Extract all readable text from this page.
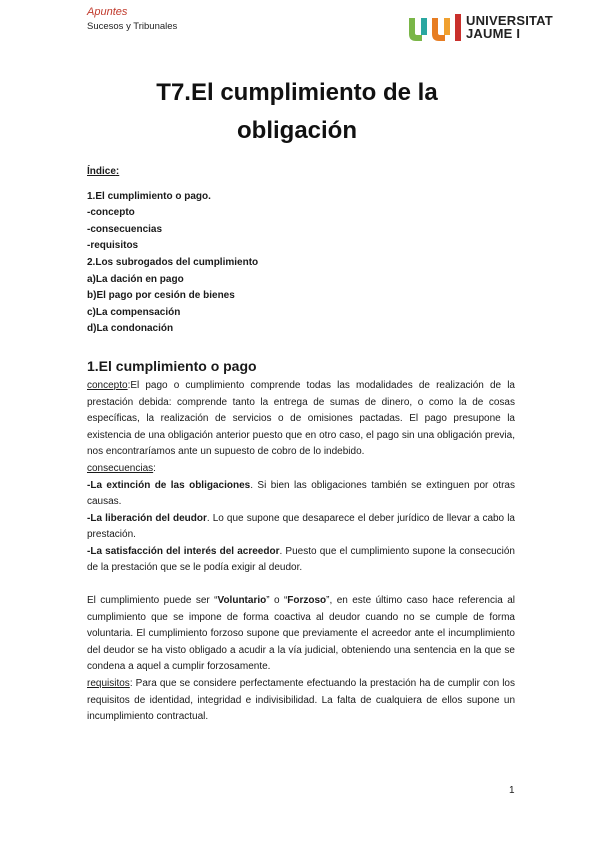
Apuntes
Sucesos y Tribunales	UNIVERSITAT
JAUME I
T7.El cumplimiento de la
obligación

Índice:

1.El cumplimiento o pago.

-concepto

-consecuencias

-requisitos

2.Los subrogados del cumplimiento

a)La dación en pago

b)El pago por cesión de bienes

c)La compensación

d)La condonación

1.El cumplimiento o pago

concepto:El pago o cumplimiento comprende todas las modalidades de realización de la prestación debida: comprende tanto la entrega de sumas de dinero, o como la de cosas específicas, la realización de servicios o de omisiones pactadas. El pago presupone la existencia de una obligación anterior puesto que en otro caso, el pago sin una obligación previa, nos encontraríamos ante un supuesto de cobro de lo indebido.

consecuencias:

-La extinción de las obligaciones. Si bien las obligaciones también se extinguen por otras causas.

-La liberación del deudor. Lo que supone que desaparece el deber jurídico de llevar a cabo la prestación.

-La satisfacción del interés del acreedor. Puesto que el cumplimiento supone la consecución de la prestación que se le podía exigir al deudor.

El cumplimiento puede ser “Voluntario” o “Forzoso”, en este último caso hace referencia al cumplimiento que se impone de forma coactiva al deudor cuando no se cumple de forma voluntaria. El cumplimiento forzoso supone que previamente el acreedor ante el incumplimiento del deudor se ha visto obligado a acudir a la vía judicial, obteniendo una sentencia en la que se condena a aquel a cumplir forzosamente.

requisitos: Para que se considere perfectamente efectuando la prestación ha de cumplir con los requisitos de identidad, integridad e indivisibilidad. La falta de cualquiera de ellos supone un incumplimiento contractual.

1
